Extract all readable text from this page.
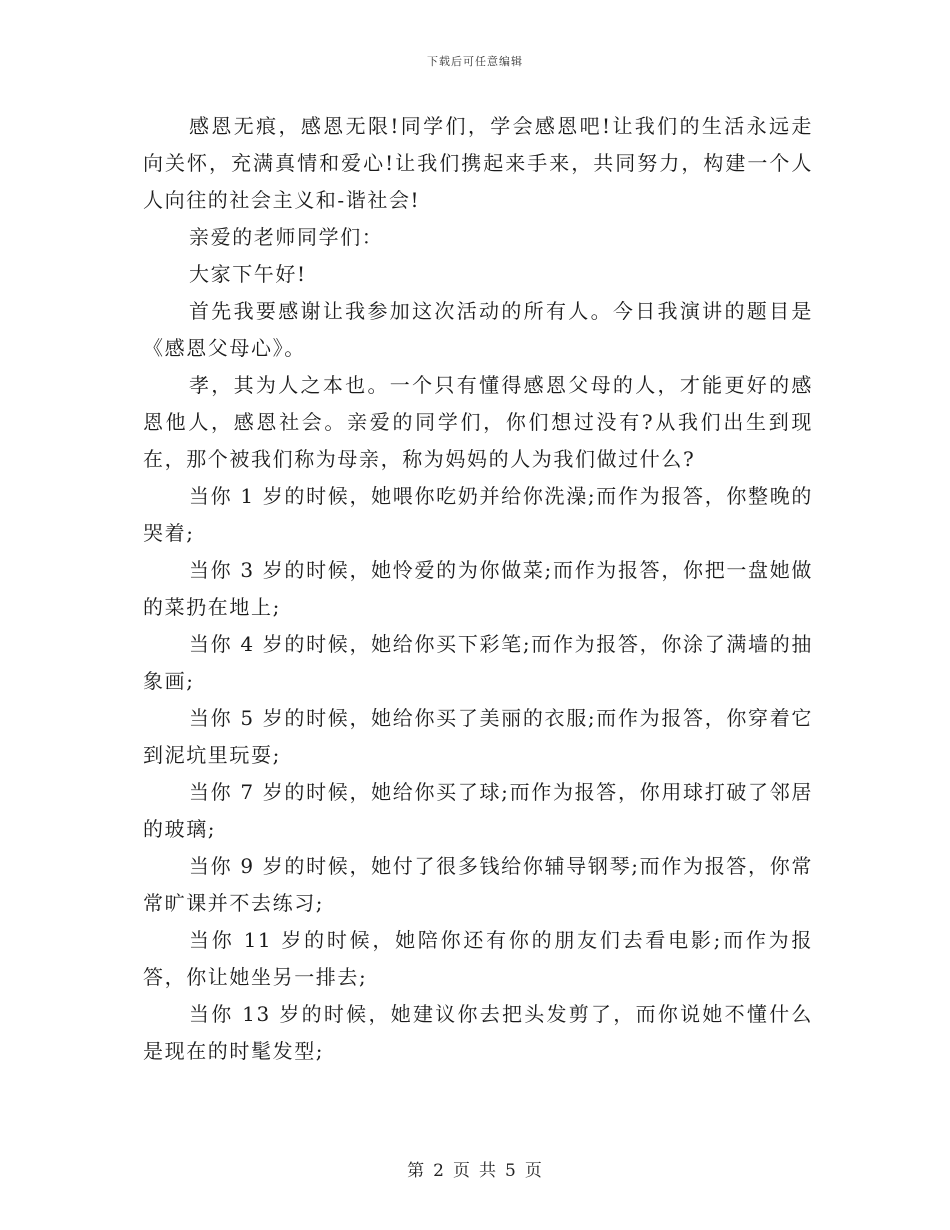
下载后可任意编辑

感恩无痕，感恩无限!同学们，学会感恩吧!让我们的生活永远走向关怀，充满真情和爱心!让我们携起来手来，共同努力，构建一个人人向往的社会主义和-谐社会!

亲爱的老师同学们：

大家下午好!

首先我要感谢让我参加这次活动的所有人。今日我演讲的题目是《感恩父母心》。

孝，其为人之本也。一个只有懂得感恩父母的人，才能更好的感恩他人，感恩社会。亲爱的同学们，你们想过没有?从我们出生到现在，那个被我们称为母亲，称为妈妈的人为我们做过什么?

当你 1 岁的时候，她喂你吃奶并给你洗澡;而作为报答，你整晚的哭着;

当你 3 岁的时候，她怜爱的为你做菜;而作为报答，你把一盘她做的菜扔在地上;

当你 4 岁的时候，她给你买下彩笔;而作为报答，你涂了满墙的抽象画;

当你 5 岁的时候，她给你买了美丽的衣服;而作为报答，你穿着它到泥坑里玩耍;

当你 7 岁的时候，她给你买了球;而作为报答，你用球打破了邻居的玻璃;

当你 9 岁的时候，她付了很多钱给你辅导钢琴;而作为报答，你常常旷课并不去练习;

当你 11 岁的时候，她陪你还有你的朋友们去看电影;而作为报答，你让她坐另一排去;

当你 13 岁的时候，她建议你去把头发剪了，而你说她不懂什么是现在的时髦发型;

第 2 页 共 5 页
